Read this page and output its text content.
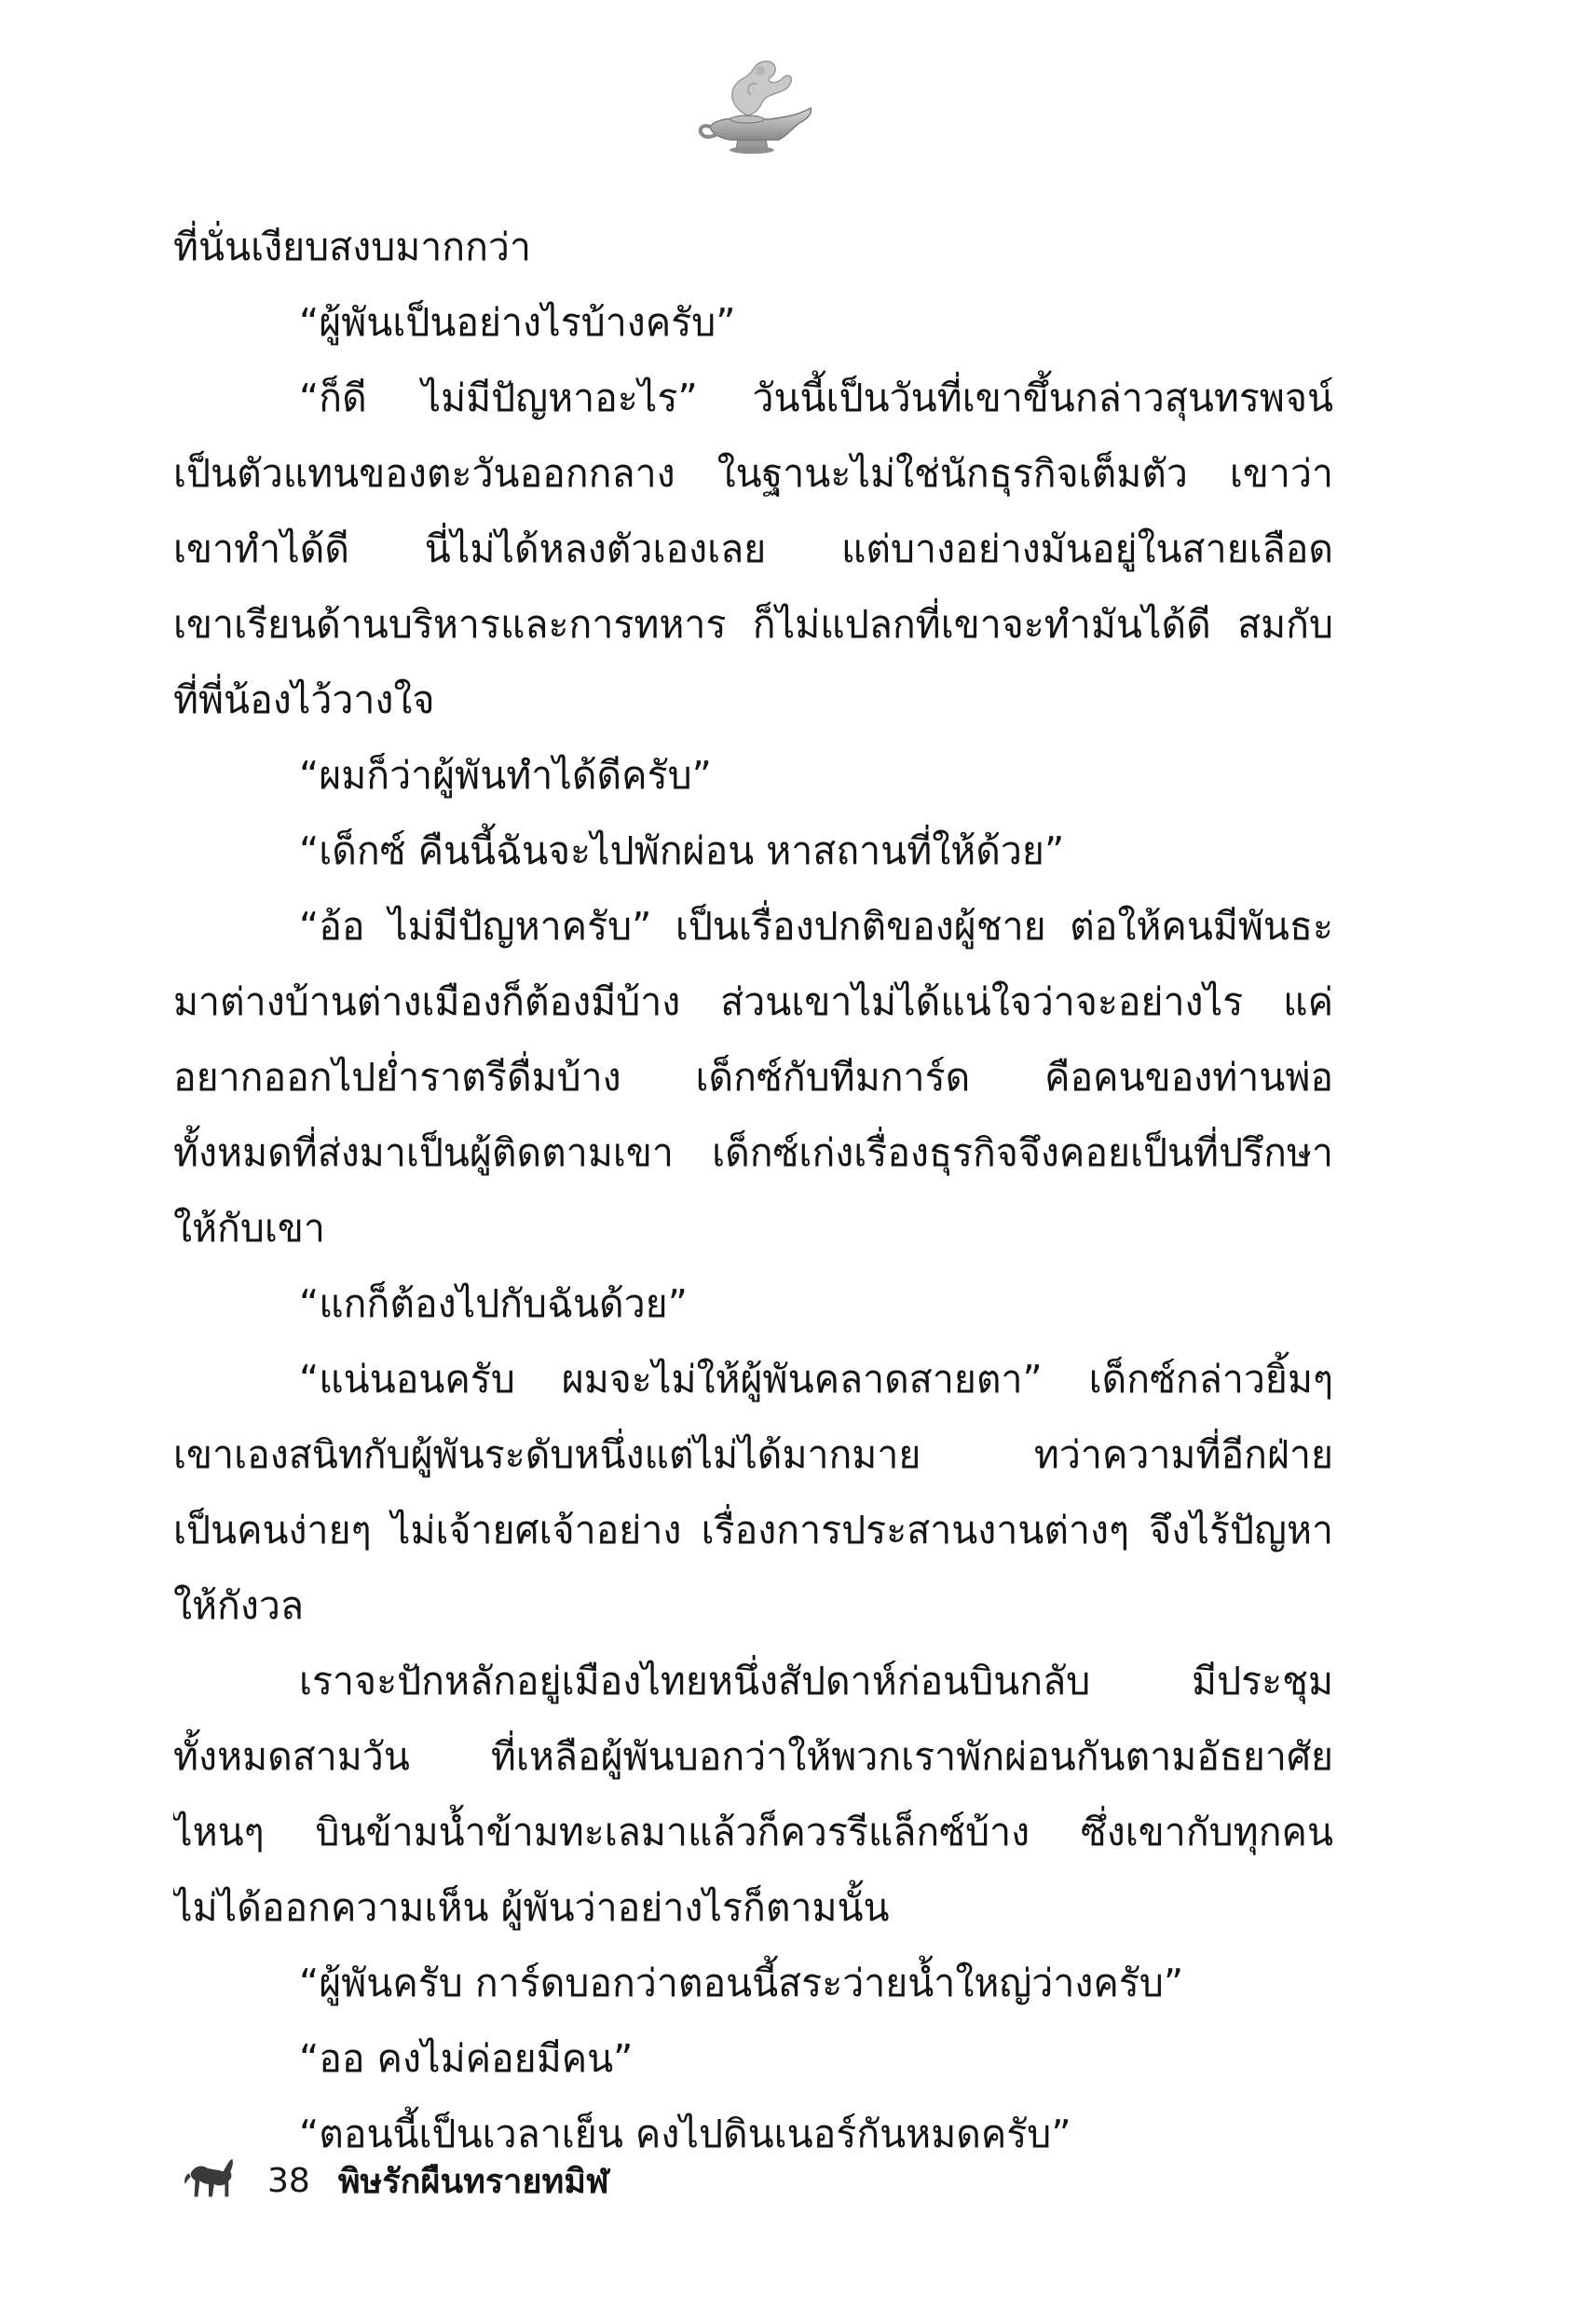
ที่นั่นเงียบสงบมากกว่า
“ผู้พันเป็นอย่างไรบ้างครับ”
“ก็ดี ไม่มีปัญหาอะไร” วันนี้เป็นวันที่เขาขึ้นกล่าวสุนทรพจน์
เป็นตัวแทนของตะวันออกกลาง ในฐานะไม่ใช่นักธุรกิจเต็มตัว เขาว่า
เขาทำได้ดี นี่ไม่ได้หลงตัวเองเลย แต่บางอย่างมันอยู่ในสายเลือด
เขาเรียนด้านบริหารและการทหาร ก็ไม่แปลกที่เขาจะทำมันได้ดี สมกับ
ที่พี่น้องไว้วางใจ
“ผมก็ว่าผู้พันทำได้ดีครับ”
“เด็กซ์ คืนนี้ฉันจะไปพักผ่อน หาสถานที่ให้ด้วย”
“อ้อ ไม่มีปัญหาครับ” เป็นเรื่องปกติของผู้ชาย ต่อให้คนมีพันธะ
มาต่างบ้านต่างเมืองก็ต้องมีบ้าง ส่วนเขาไม่ได้แน่ใจว่าจะอย่างไร แค่
อยากออกไปย่ำราตรีดื่มบ้าง เด็กซ์กับทีมการ์ด คือคนของท่านพ่อ
ทั้งหมดที่ส่งมาเป็นผู้ติดตามเขา เด็กซ์เก่งเรื่องธุรกิจจึงคอยเป็นที่ปรึกษา
ให้กับเขา
“แกก็ต้องไปกับฉันด้วย”
“แน่นอนครับ ผมจะไม่ให้ผู้พันคลาดสายตา” เด็กซ์กล่าวยิ้มๆ
เขาเองสนิทกับผู้พันระดับหนึ่งแต่ไม่ได้มากมาย ทว่าความที่อีกฝ่าย
เป็นคนง่ายๆ ไม่เจ้ายศเจ้าอย่าง เรื่องการประสานงานต่างๆ จึงไร้ปัญหา
ให้กังวล
เราจะปักหลักอยู่เมืองไทยหนึ่งสัปดาห์ก่อนบินกลับ มีประชุม
ทั้งหมดสามวัน ที่เหลือผู้พันบอกว่าให้พวกเราพักผ่อนกันตามอัธยาศัย
ไหนๆ บินข้ามน้ำข้ามทะเลมาแล้วก็ควรรีแล็กซ์บ้าง ซึ่งเขากับทุกคน
ไม่ได้ออกความเห็น ผู้พันว่าอย่างไรก็ตามนั้น
“ผู้พันครับ การ์ดบอกว่าตอนนี้สระว่ายน้ำใหญ่ว่างครับ”
“ออ คงไม่ค่อยมีคน”
“ตอนนี้เป็นเวลาเย็น คงไปดินเนอร์กันหมดครับ”
38 พิษรักผืนทรายทมิฬ
